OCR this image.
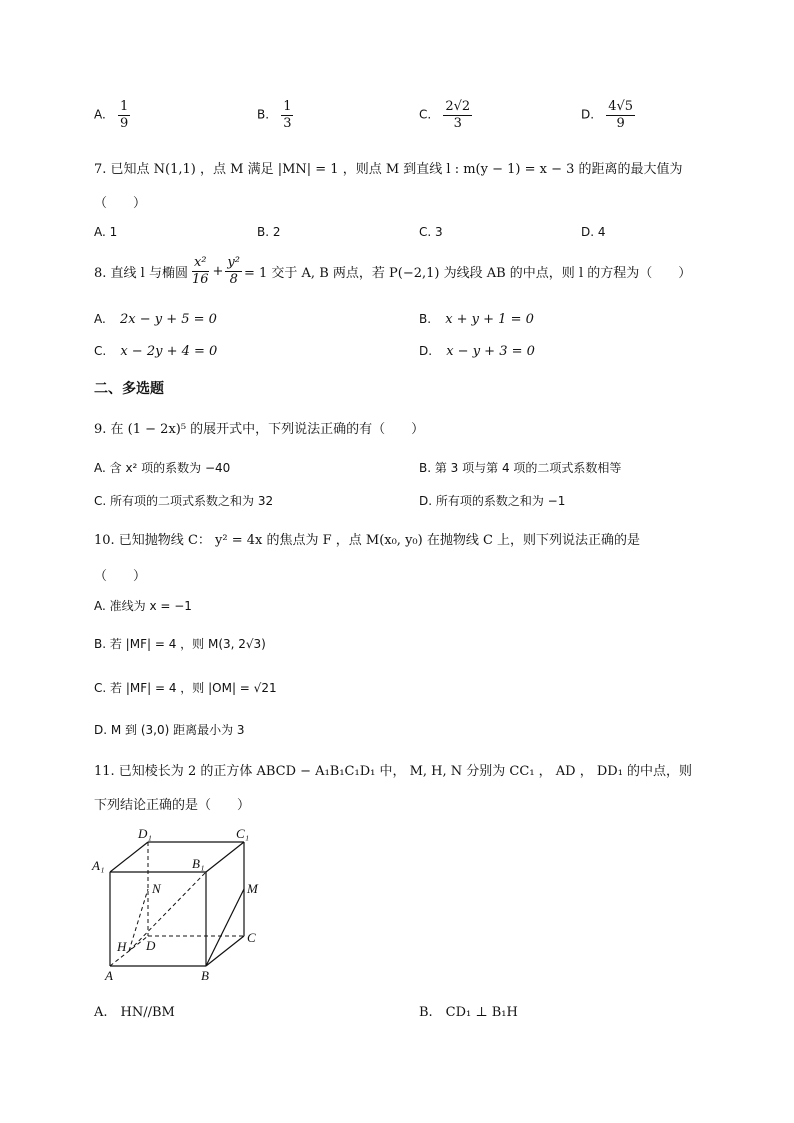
A. $\frac{1}{9}$	B. $\frac{1}{3}$	C. $\frac{2√2}{3}$	D. $\frac{4√5}{9}$
7. 已知点 N(1,1) ，点 M 满足 |MN| = 1 ，则点 M 到直线 l : m(y − 1) = x − 3 的距离的最大值为
（　　）
A. 1	B. 2	C. 3	D. 4
8. 直线 l 与椭圆 $\frac{\text{x²}}{16} + \frac{\text{y²}}{8} = 1$ 交于 A, B 两点，若 P(−2,1) 为线段 AB 的中点，则 l 的方程为（　　）
A. 2x − y + 5 = 0	B. x + y + 1 = 0
C. x − 2y + 4 = 0	D. x − y + 3 = 0
二、多选题
9. 在 (1 − 2x)⁵ 的展开式中，下列说法正确的有（　　）
A. 含 x² 项的系数为 −40	B. 第 3 项与第 4 项的二项式系数相等
C. 所有项的二项式系数之和为 32	D. 所有项的系数之和为 −1
10. 已知抛物线 C： y² = 4x 的焦点为 F ，点 M(x₀, y₀) 在抛物线 C 上，则下列说法正确的是
（　　）
A. 准线为 x = −1
B. 若 |MF| = 4 ，则 M(3, 2√3)
C. 若 |MF| = 4 ，则 |OM| = √21
D. M 到 (3,0) 距离最小为 3
11. 已知棱长为 2 的正方体 ABCD − A₁B₁C₁D₁ 中， M, H, N 分别为 CC₁ ， AD ， DD₁ 的中点，则
下列结论正确的是（　　）
D₁	C₁
A₁	B₁
N	M
H D
C
A	B
A.　HN//BM	B.　CD₁ ⊥ B₁H
